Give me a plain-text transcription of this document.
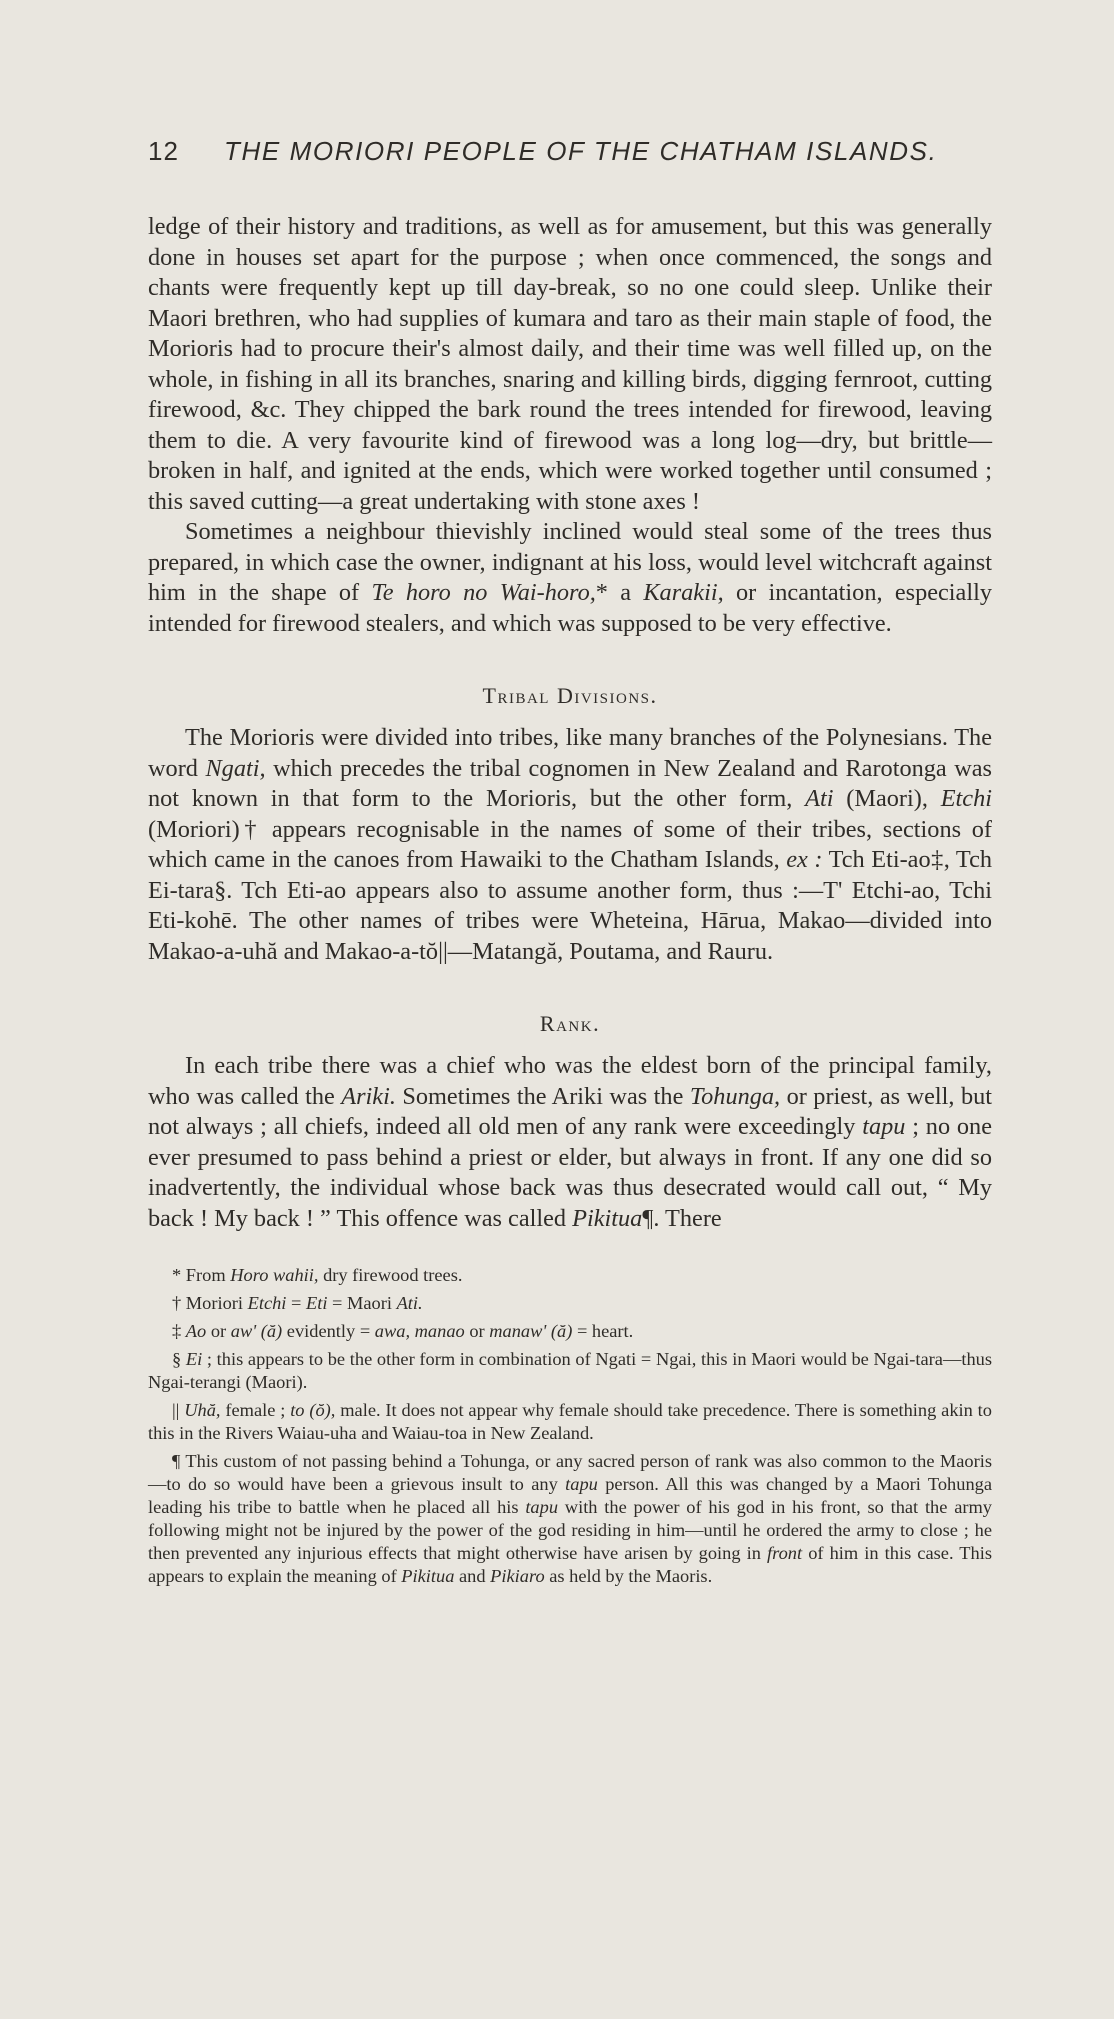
12	THE MORIORI PEOPLE OF THE CHATHAM ISLANDS.

ledge of their history and traditions, as well as for amusement, but this was generally done in houses set apart for the purpose ; when once commenced, the songs and chants were frequently kept up till day-break, so no one could sleep. Unlike their Maori brethren, who had supplies of kumara and taro as their main staple of food, the Morioris had to procure their's almost daily, and their time was well filled up, on the whole, in fishing in all its branches, snaring and killing birds, digging fernroot, cutting firewood, &c. They chipped the bark round the trees intended for firewood, leaving them to die. A very favourite kind of firewood was a long log—dry, but brittle—broken in half, and ignited at the ends, which were worked together until consumed ; this saved cutting—a great undertaking with stone axes !

Sometimes a neighbour thievishly inclined would steal some of the trees thus prepared, in which case the owner, indignant at his loss, would level witchcraft against him in the shape of Te horo no Wai-horo,* a Karakii, or incantation, especially intended for firewood stealers, and which was supposed to be very effective.

Tribal Divisions.

The Morioris were divided into tribes, like many branches of the Polynesians. The word Ngati, which precedes the tribal cognomen in New Zealand and Rarotonga was not known in that form to the Morioris, but the other form, Ati (Maori), Etchi (Moriori)† appears recognisable in the names of some of their tribes, sections of which came in the canoes from Hawaiki to the Chatham Islands, ex : Tch Eti-ao‡, Tch Ei-tara§. Tch Eti-ao appears also to assume another form, thus :—T' Etchi-ao, Tchi Eti-kohē. The other names of tribes were Wheteina, Hārua, Makao—divided into Makao-a-uhă and Makao-a-tŏ||—Matangă, Poutama, and Rauru.

Rank.

In each tribe there was a chief who was the eldest born of the principal family, who was called the Ariki. Sometimes the Ariki was the Tohunga, or priest, as well, but not always ; all chiefs, indeed all old men of any rank were exceedingly tapu ; no one ever presumed to pass behind a priest or elder, but always in front. If any one did so inadvertently, the individual whose back was thus desecrated would call out, “ My back ! My back ! ” This offence was called Pikitua¶. There

* From Horo wahii, dry firewood trees.

† Moriori Etchi = Eti = Maori Ati.

‡ Ao or aw' (ă) evidently = awa, manao or manaw' (ă) = heart.

§ Ei ; this appears to be the other form in combination of Ngati = Ngai, this in Maori would be Ngai-tara—thus Ngai-terangi (Maori).

|| Uhă, female ; to (ŏ), male. It does not appear why female should take precedence. There is something akin to this in the Rivers Waiau-uha and Waiau-toa in New Zealand.

¶ This custom of not passing behind a Tohunga, or any sacred person of rank was also common to the Maoris—to do so would have been a grievous insult to any tapu person. All this was changed by a Maori Tohunga leading his tribe to battle when he placed all his tapu with the power of his god in his front, so that the army following might not be injured by the power of the god residing in him—until he ordered the army to close ; he then prevented any injurious effects that might otherwise have arisen by going in front of him in this case. This appears to explain the meaning of Pikitua and Pikiaro as held by the Maoris.
